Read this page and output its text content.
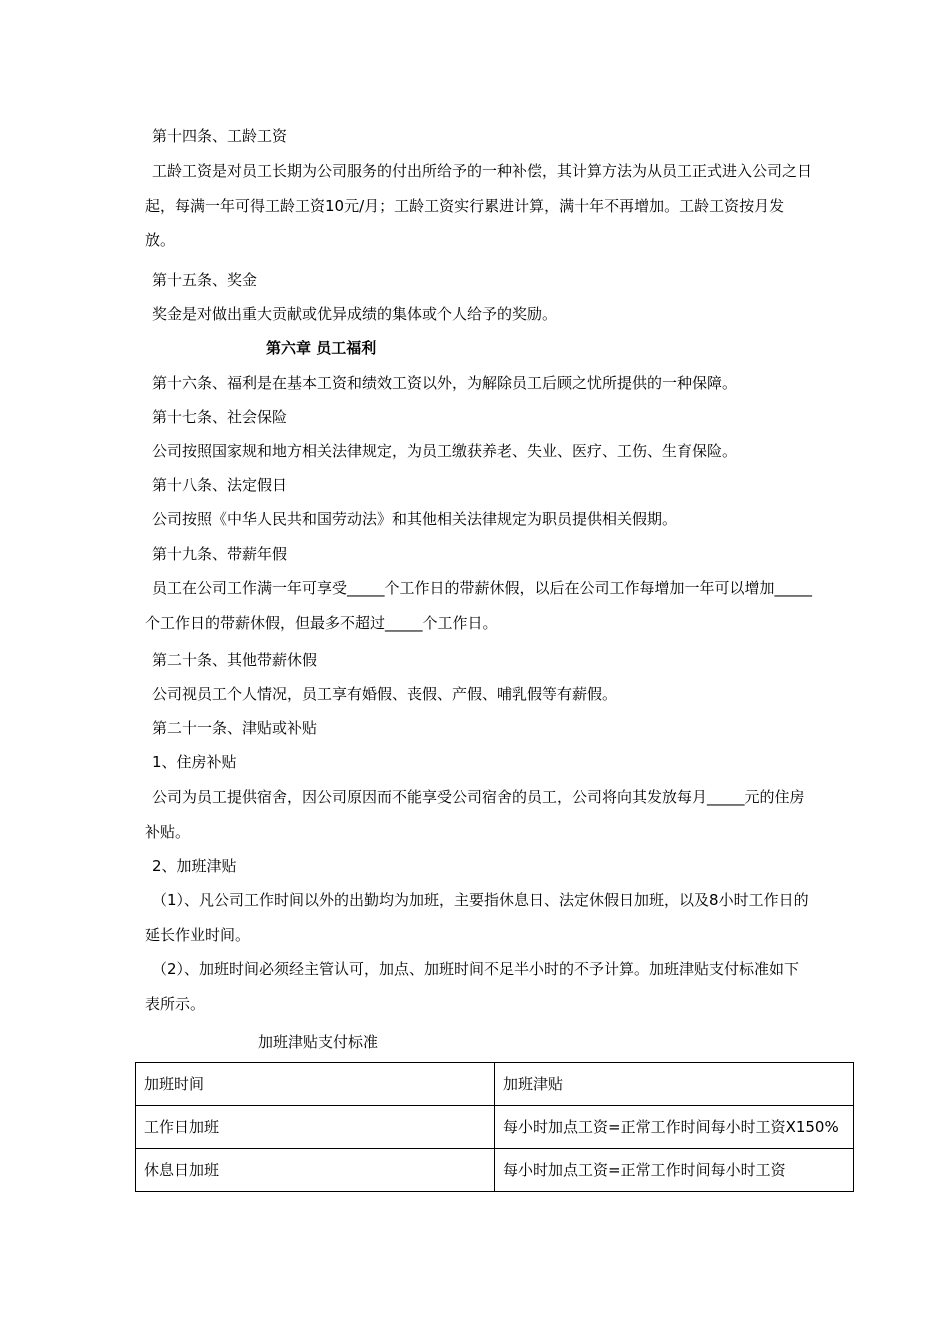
第十四条、工龄工资
工龄工资是对员工长期为公司服务的付出所给予的一种补偿，其计算方法为从员工正式进入公司之日起，每满一年可得工龄工资10元/月；工龄工资实行累进计算，满十年不再增加。工龄工资按月发放。
第十五条、奖金
奖金是对做出重大贡献或优异成绩的集体或个人给予的奖励。
第六章 员工福利
第十六条、福利是在基本工资和绩效工资以外，为解除员工后顾之忧所提供的一种保障。
第十七条、社会保险
公司按照国家规和地方相关法律规定，为员工缴获养老、失业、医疗、工伤、生育保险。
第十八条、法定假日
公司按照《中华人民共和国劳动法》和其他相关法律规定为职员提供相关假期。
第十九条、带薪年假
员工在公司工作满一年可享受_____个工作日的带薪休假，以后在公司工作每增加一年可以增加_____个工作日的带薪休假，但最多不超过_____个工作日。
第二十条、其他带薪休假
公司视员工个人情况，员工享有婚假、丧假、产假、哺乳假等有薪假。
第二十一条、津贴或补贴
1、住房补贴
公司为员工提供宿舍，因公司原因而不能享受公司宿舍的员工，公司将向其发放每月_____元的住房补贴。
2、加班津贴
（1）、凡公司工作时间以外的出勤均为加班，主要指休息日、法定休假日加班，以及8小时工作日的延长作业时间。
（2）、加班时间必须经主管认可，加点、加班时间不足半小时的不予计算。加班津贴支付标准如下表所示。
加班津贴支付标准
加班时间	加班津贴
工作日加班	每小时加点工资=正常工作时间每小时工资X150%
休息日加班	每小时加点工资=正常工作时间每小时工资
